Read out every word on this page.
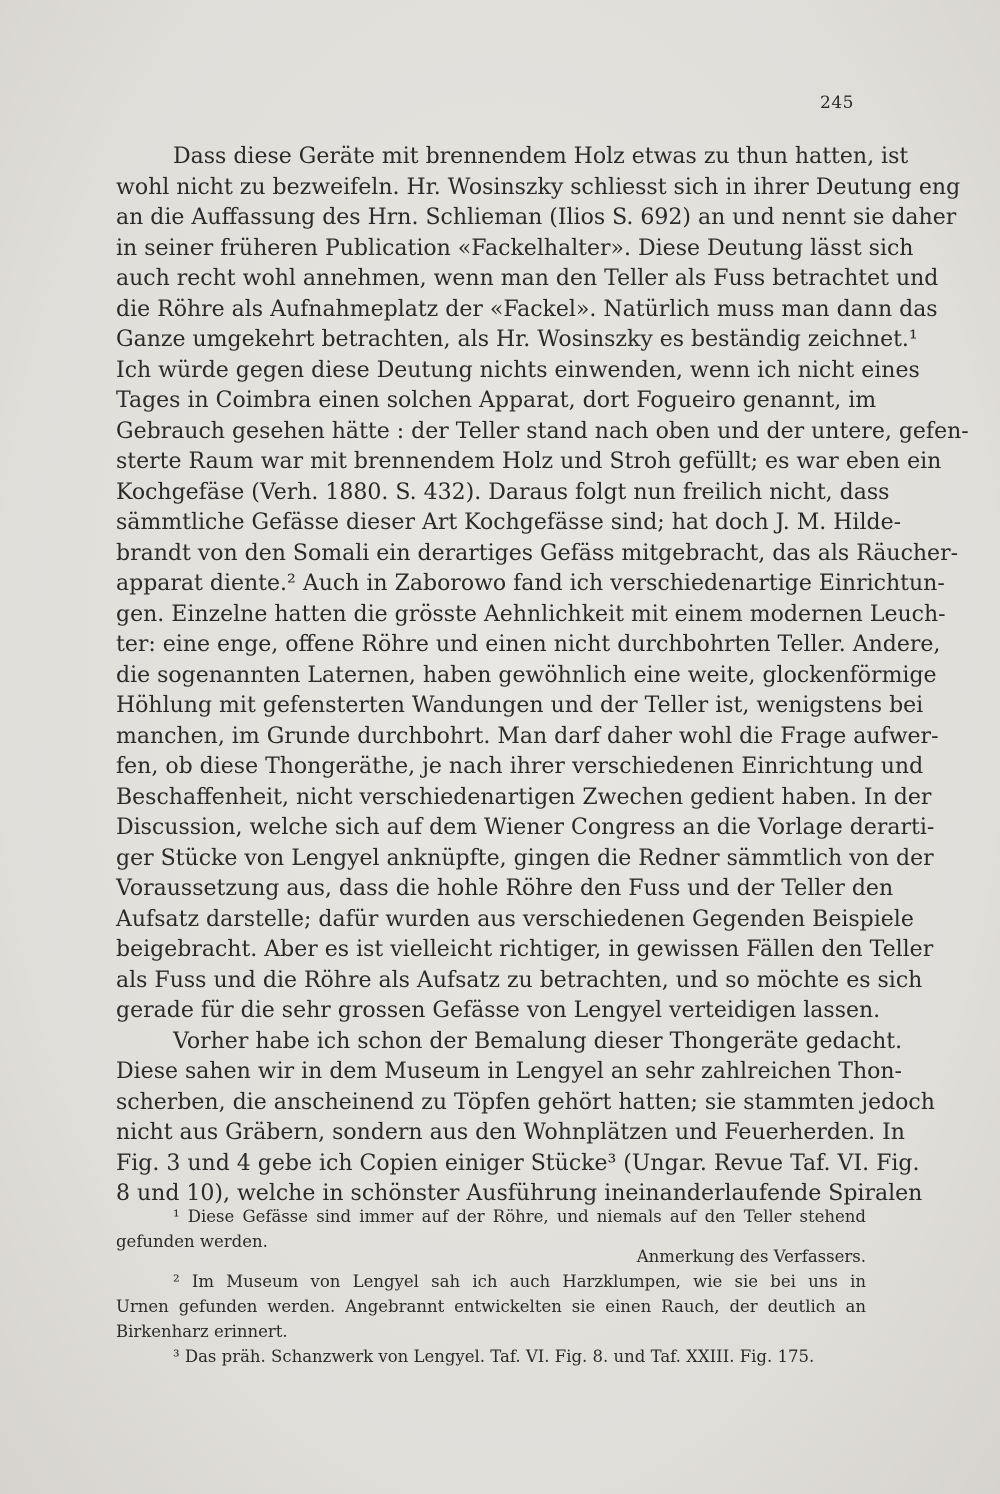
245
Dass diese Geräte mit brennendem Holz etwas zu thun hatten, ist
wohl nicht zu bezweifeln. Hr. Wosinszky schliesst sich in ihrer Deutung eng
an die Auffassung des Hrn. Schlieman (Ilios S. 692) an und nennt sie daher
in seiner früheren Publication «Fackelhalter». Diese Deutung lässt sich
auch recht wohl annehmen, wenn man den Teller als Fuss betrachtet und
die Röhre als Aufnahmeplatz der «Fackel». Natürlich muss man dann das
Ganze umgekehrt betrachten, als Hr. Wosinszky es beständig zeichnet.¹
Ich würde gegen diese Deutung nichts einwenden, wenn ich nicht eines
Tages in Coimbra einen solchen Apparat, dort Fogueiro genannt, im
Gebrauch gesehen hätte : der Teller stand nach oben und der untere, gefen-
sterte Raum war mit brennendem Holz und Stroh gefüllt; es war eben ein
Kochgefäse (Verh. 1880. S. 432). Daraus folgt nun freilich nicht, dass
sämmtliche Gefässe dieser Art Kochgefässe sind; hat doch J. M. Hilde-
brandt von den Somali ein derartiges Gefäss mitgebracht, das als Räucher-
apparat diente.² Auch in Zaborowo fand ich verschiedenartige Einrichtun-
gen. Einzelne hatten die grösste Aehnlichkeit mit einem modernen Leuch-
ter: eine enge, offene Röhre und einen nicht durchbohrten Teller. Andere,
die sogenannten Laternen, haben gewöhnlich eine weite, glockenförmige
Höhlung mit gefensterten Wandungen und der Teller ist, wenigstens bei
manchen, im Grunde durchbohrt. Man darf daher wohl die Frage aufwer-
fen, ob diese Thongeräthe, je nach ihrer verschiedenen Einrichtung und
Beschaffenheit, nicht verschiedenartigen Zwechen gedient haben. In der
Discussion, welche sich auf dem Wiener Congress an die Vorlage derarti-
ger Stücke von Lengyel anknüpfte, gingen die Redner sämmtlich von der
Voraussetzung aus, dass die hohle Röhre den Fuss und der Teller den
Aufsatz darstelle; dafür wurden aus verschiedenen Gegenden Beispiele
beigebracht. Aber es ist vielleicht richtiger, in gewissen Fällen den Teller
als Fuss und die Röhre als Aufsatz zu betrachten, und so möchte es sich
gerade für die sehr grossen Gefässe von Lengyel verteidigen lassen.
Vorher habe ich schon der Bemalung dieser Thongeräte gedacht.
Diese sahen wir in dem Museum in Lengyel an sehr zahlreichen Thon-
scherben, die anscheinend zu Töpfen gehört hatten; sie stammten jedoch
nicht aus Gräbern, sondern aus den Wohnplätzen und Feuerherden. In
Fig. 3 und 4 gebe ich Copien einiger Stücke³ (Ungar. Revue Taf. VI. Fig.
8 und 10), welche in schönster Ausführung ineinanderlaufende Spiralen
¹ Diese Gefässe sind immer auf der Röhre, und niemals auf den Teller stehend
gefunden werden.
Anmerkung des Verfassers.
² Im Museum von Lengyel sah ich auch Harzklumpen, wie sie bei uns in
Urnen gefunden werden. Angebrannt entwickelten sie einen Rauch, der deutlich an
Birkenharz erinnert.
³ Das präh. Schanzwerk von Lengyel. Taf. VI. Fig. 8. und Taf. XXIII. Fig. 175.
